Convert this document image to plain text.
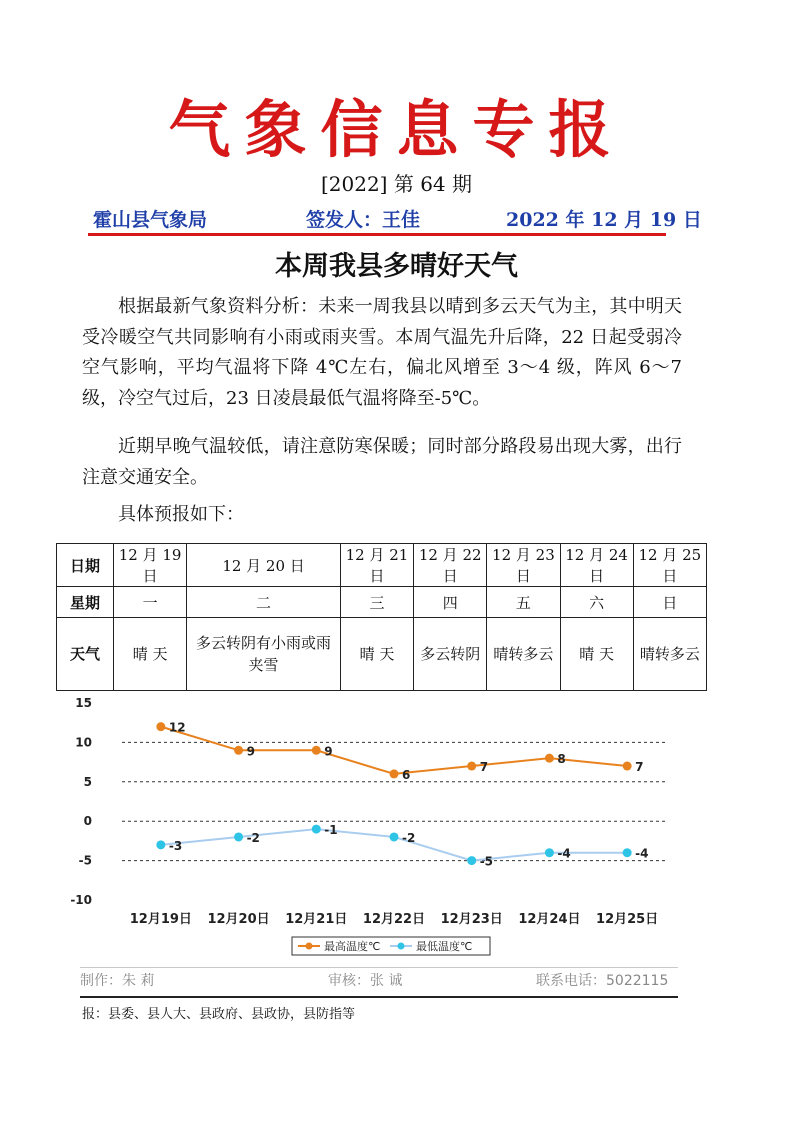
气象信息专报
[2022] 第 64 期
霍山县气象局	签发人：王佳	2022 年 12 月 19 日
本周我县多晴好天气

根据最新气象资料分析：未来一周我县以晴到多云天气为主，其中明天受冷暖空气共同影响有小雨或雨夹雪。本周气温先升后降，22 日起受弱冷空气影响，平均气温将下降 4℃左右，偏北风增至 3～4 级，阵风 6～7 级，冷空气过后，23 日凌晨最低气温将降至-5℃。

近期早晚气温较低，请注意防寒保暖；同时部分路段易出现大雾，出行注意交通安全。

具体预报如下：

日期	12 月 19 日	12 月 20 日	12 月 21 日	12 月 22 日	12 月 23 日	12 月 24 日	12 月 25 日
星期	一	二	三	四	五	六	日
天气	晴 天	多云转阴有小雨或雨夹雪	晴 天	多云转阴	晴转多云	晴 天	晴转多云
15
10
5
0
-5
-10
12月19日 12月20日 12月21日 12月22日 12月23日 12月24日 12月25日
12
9	9
6
7
8
7
-3
-2
-1
-2
-5
-4	-4
最高温度℃	最低温度℃
制作：朱 莉	审核：张 诚	联系电话：5022115
报：县委、县人大、县政府、县政协，县防指等
